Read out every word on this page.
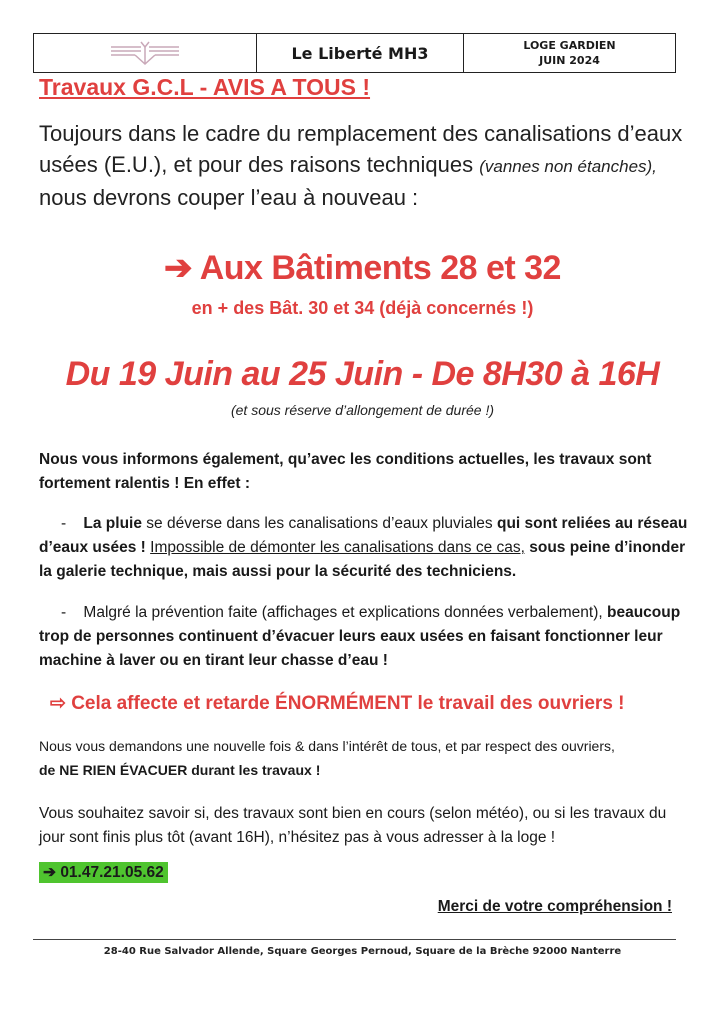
Le Liberté MH3	LOGE GARDIEN
JUIN 2024
Travaux G.C.L - AVIS A TOUS !

Toujours dans le cadre du remplacement des canalisations d’eaux usées (E.U.), et pour des raisons techniques (vannes non étanches), nous devrons couper l’eau à nouveau :

➔ Aux Bâtiments 28 et 32

en + des Bât. 30 et 34 (déjà concernés !)

Du 19 Juin au 25 Juin - De 8H30 à 16H

(et sous réserve d’allongement de durée !)

Nous vous informons également, qu’avec les conditions actuelles, les travaux sont fortement ralentis ! En effet :

- La pluie se déverse dans les canalisations d’eaux pluviales qui sont reliées au réseau d’eaux usées ! Impossible de démonter les canalisations dans ce cas, sous peine d’inonder la galerie technique, mais aussi pour la sécurité des techniciens.

- Malgré la prévention faite (affichages et explications données verbalement), beaucoup trop de personnes continuent d’évacuer leurs eaux usées en faisant fonctionner leur machine à laver ou en tirant leur chasse d’eau !

⇨ Cela affecte et retarde ÉNORMÉMENT le travail des ouvriers !

Nous vous demandons une nouvelle fois & dans l’intérêt de tous, et par respect des ouvriers,
de NE RIEN ÉVACUER durant les travaux !

Vous souhaitez savoir si, des travaux sont bien en cours (selon météo), ou si les travaux du jour sont finis plus tôt (avant 16H), n’hésitez pas à vous adresser à la loge !

➔ 01.47.21.05.62

Merci de votre compréhension !

28-40 Rue Salvador Allende, Square Georges Pernoud, Square de la Brèche 92000 Nanterre
